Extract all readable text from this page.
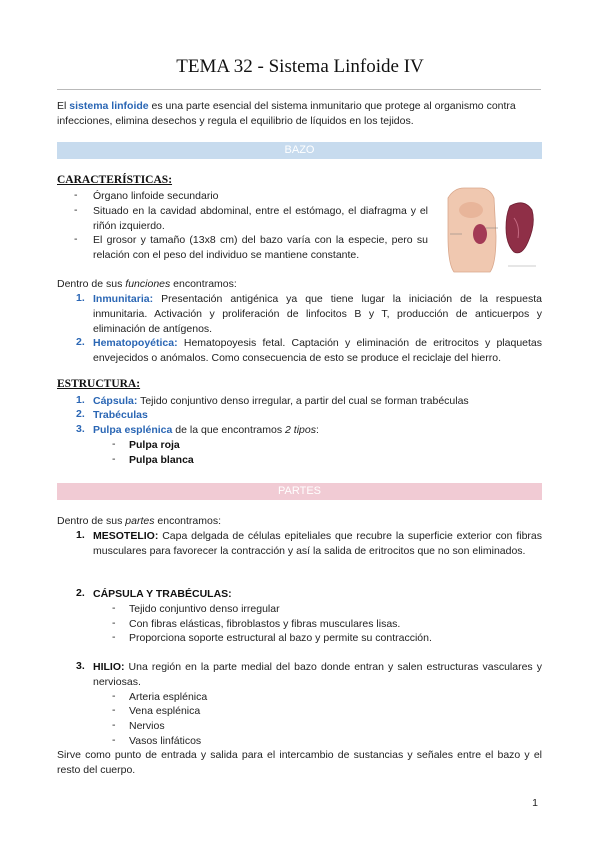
TEMA 32 - Sistema Linfoide IV
El sistema linfoide es una parte esencial del sistema inmunitario que protege al organismo contra infecciones, elimina desechos y regula el equilibrio de líquidos en los tejidos.
BAZO
CARACTERÍSTICAS:
- Órgano linfoide secundario
- Situado en la cavidad abdominal, entre el estómago, el diafragma y el riñón izquierdo.
- El grosor y tamaño (13x8 cm) del bazo varía con la especie, pero su relación con el peso del individuo se mantiene constante.
Dentro de sus funciones encontramos:
1. Inmunitaria: Presentación antigénica ya que tiene lugar la iniciación de la respuesta inmunitaria. Activación y proliferación de linfocitos B y T, producción de anticuerpos y eliminación de antígenos.
2. Hematopoyética: Hematopoyesis fetal. Captación y eliminación de eritrocitos y plaquetas envejecidos o anómalos. Como consecuencia de esto se produce el reciclaje del hierro.
ESTRUCTURA:
1. Cápsula: Tejido conjuntivo denso irregular, a partir del cual se forman trabéculas
2. Trabéculas
3. Pulpa esplénica de la que encontramos 2 tipos:
- Pulpa roja
- Pulpa blanca
PARTES
Dentro de sus partes encontramos:
1. MESOTELIO: Capa delgada de células epiteliales que recubre la superficie exterior con fibras musculares para favorecer la contracción y así la salida de eritrocitos que no son eliminados.
2. CÁPSULA Y TRABÉCULAS:
- Tejido conjuntivo denso irregular
- Con fibras elásticas, fibroblastos y fibras musculares lisas.
- Proporciona soporte estructural al bazo y permite su contracción.
3. HILIO: Una región en la parte medial del bazo donde entran y salen estructuras vasculares y nerviosas.
- Arteria esplénica
- Vena esplénica
- Nervios
- Vasos linfáticos
Sirve como punto de entrada y salida para el intercambio de sustancias y señales entre el bazo y el resto del cuerpo.
1
